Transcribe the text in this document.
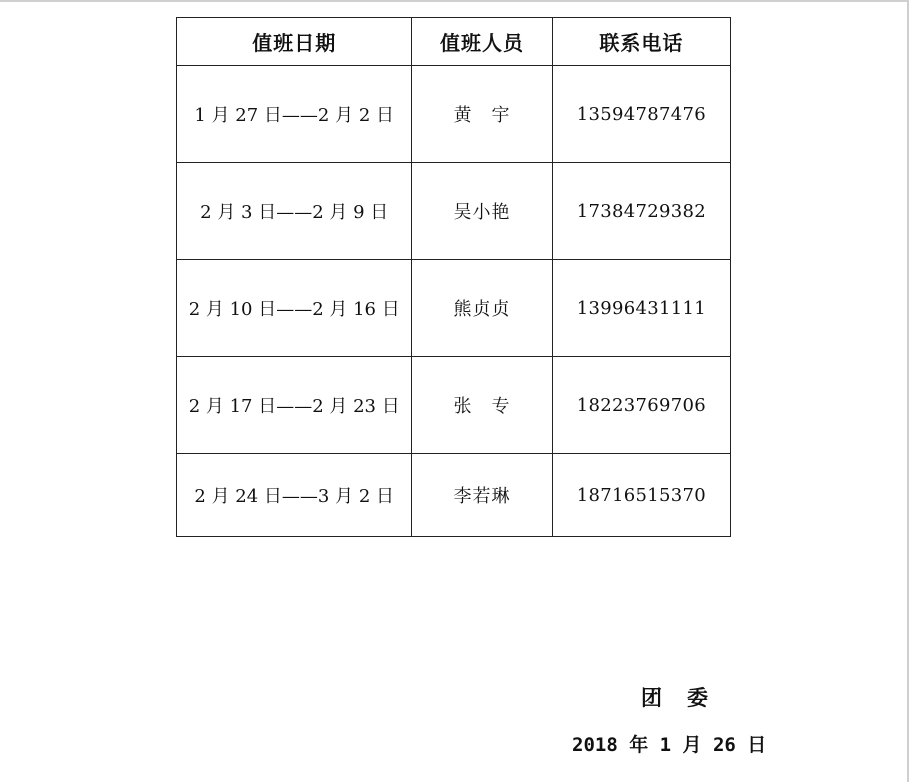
值班日期	值班人员	联系电话
1 月 27 日——2 月 2 日	黄　宇	13594787476
2 月 3 日——2 月 9 日	吴小艳	17384729382
2 月 10 日——2 月 16 日	熊贞贞	13996431111
2 月 17 日——2 月 23 日	张　专	18223769706
2 月 24 日——3 月 2 日	李若琳	18716515370
团　委
2018 年 1 月 26 日
